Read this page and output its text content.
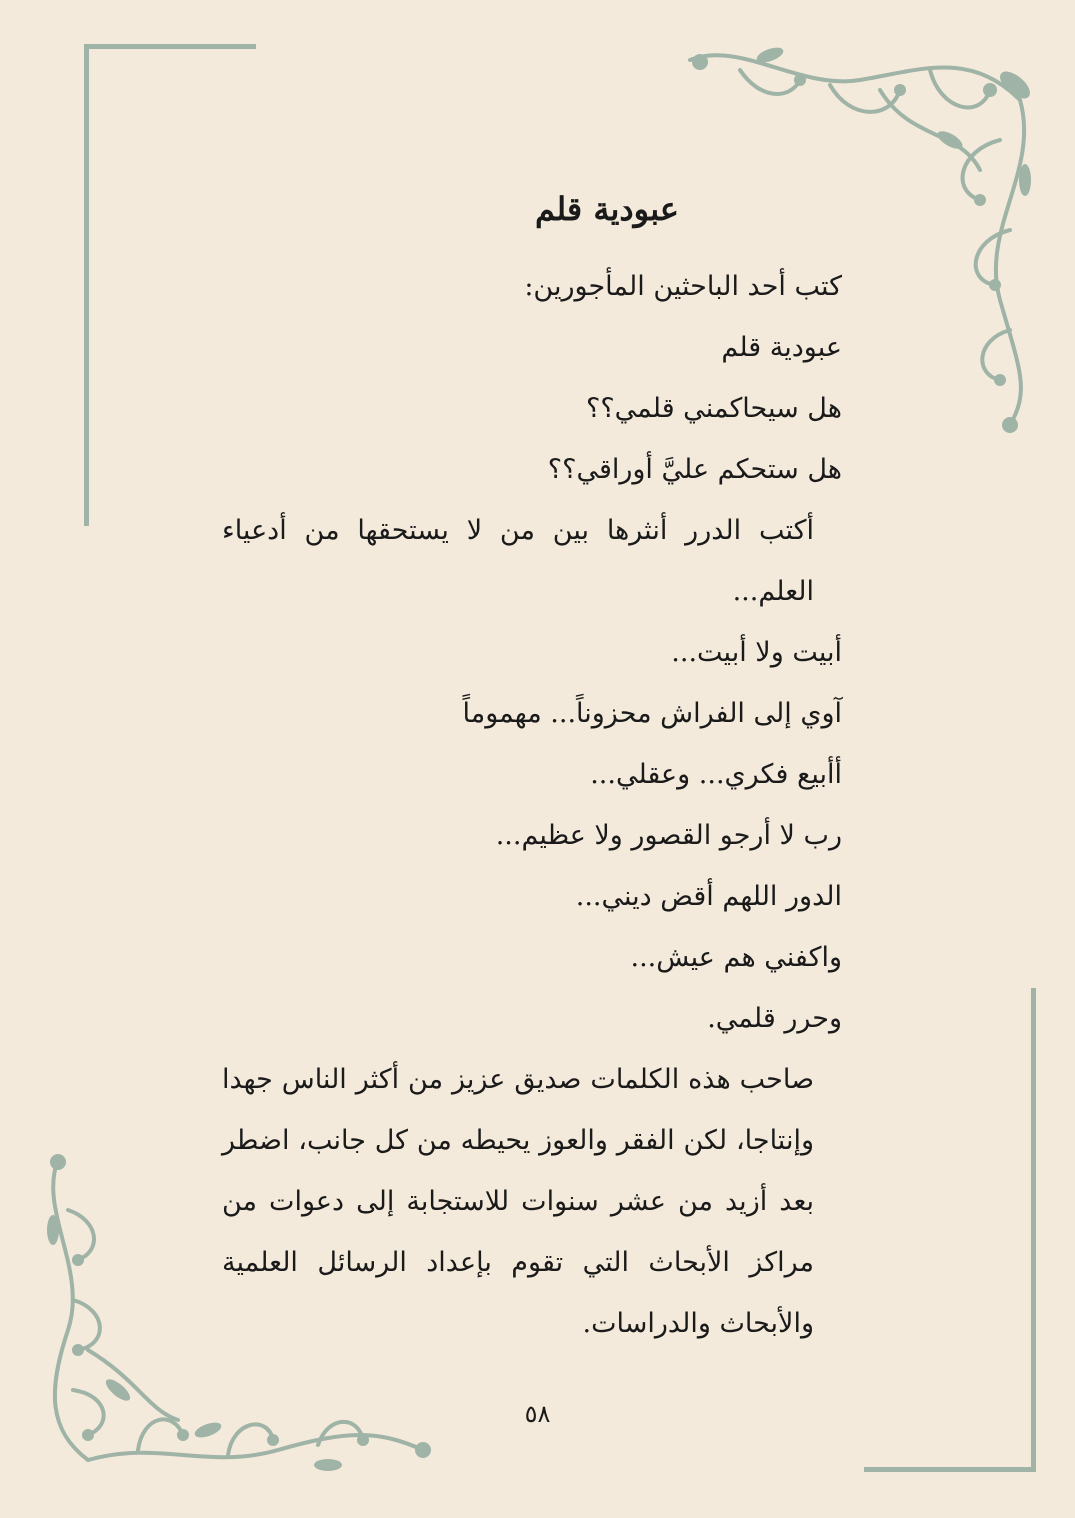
عبودية قلم
كتب أحد الباحثين المأجورين:
عبودية قلم
هل سيحاكمني قلمي؟؟
هل ستحكم عليَّ أوراقي؟؟
أكتب الدرر أنثرها بين من لا يستحقها من أدعياء العلم...
أبيت ولا أبيت...
آوي إلى الفراش محزوناً... مهموماً
أأبيع فكري... وعقلي...
رب لا أرجو القصور ولا عظيم...
الدور اللهم أقض ديني...
واكفني هم عيش...
وحرر قلمي.
صاحب هذه الكلمات صديق عزيز من أكثر الناس جهدا وإنتاجا، لكن الفقر والعوز يحيطه من كل جانب، اضطر بعد أزيد من عشر سنوات للاستجابة إلى دعوات من مراكز الأبحاث التي تقوم بإعداد الرسائل العلمية والأبحاث والدراسات.
٥٨
